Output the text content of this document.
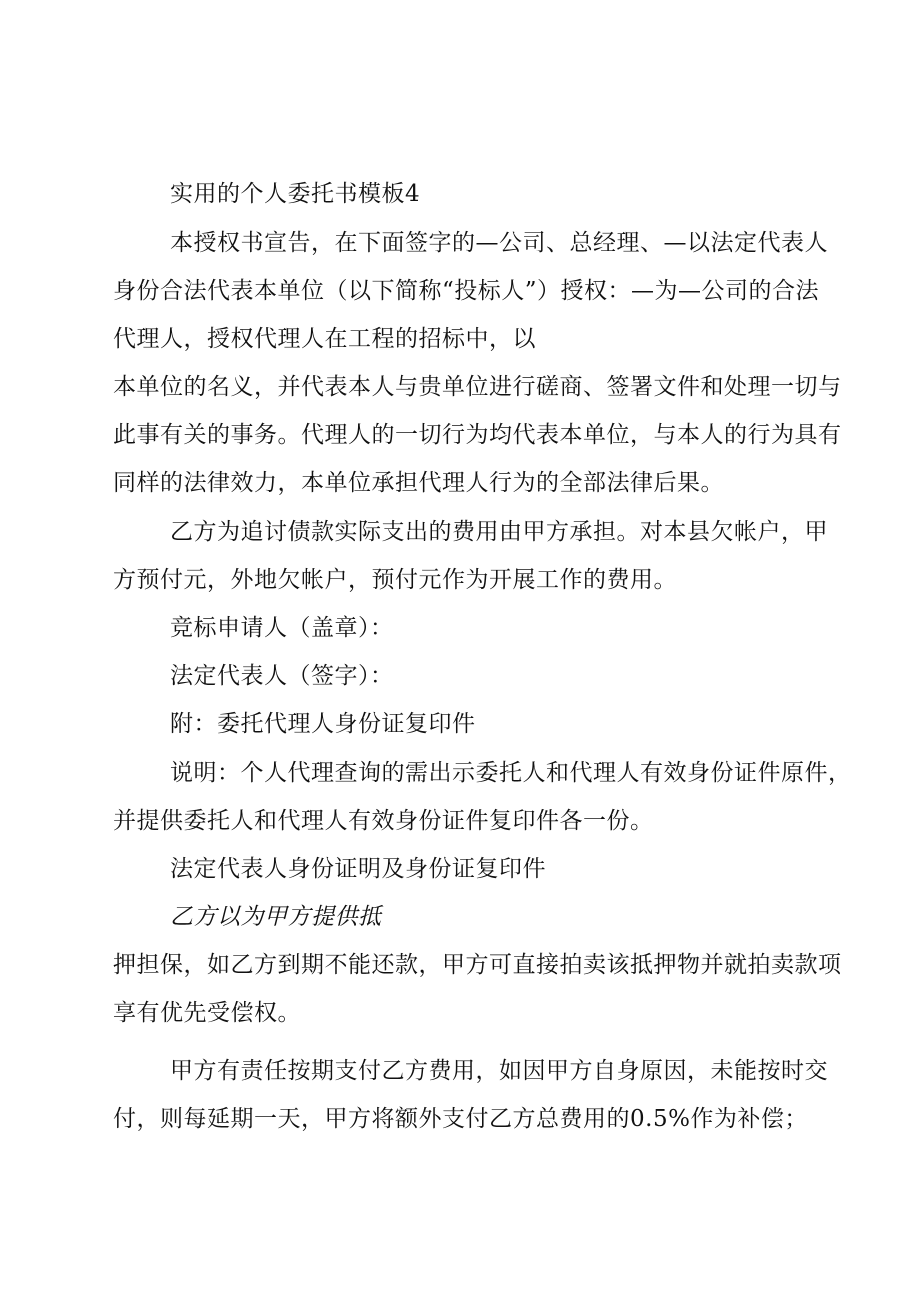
实用的个人委托书模板4
本授权书宣告，在下面签字的—公司、总经理、—以法定代表人
身份合法代表本单位（以下简称“投标人”）授权：—为—公司的合法
代理人，授权代理人在工程的招标中，以
本单位的名义，并代表本人与贵单位进行磋商、签署文件和处理一切与
此事有关的事务。代理人的一切行为均代表本单位，与本人的行为具有
同样的法律效力，本单位承担代理人行为的全部法律后果。
乙方为追讨债款实际支出的费用由甲方承担。对本县欠帐户，甲
方预付元，外地欠帐户，预付元作为开展工作的费用。
竞标申请人（盖章）：
法定代表人（签字）：
附：委托代理人身份证复印件
说明：个人代理查询的需出示委托人和代理人有效身份证件原件，
并提供委托人和代理人有效身份证件复印件各一份。
法定代表人身份证明及身份证复印件
乙方以为甲方提供抵
押担保，如乙方到期不能还款，甲方可直接拍卖该抵押物并就拍卖款项
享有优先受偿权。
甲方有责任按期支付乙方费用，如因甲方自身原因，未能按时交
付，则每延期一天，甲方将额外支付乙方总费用的0.5%作为补偿；
